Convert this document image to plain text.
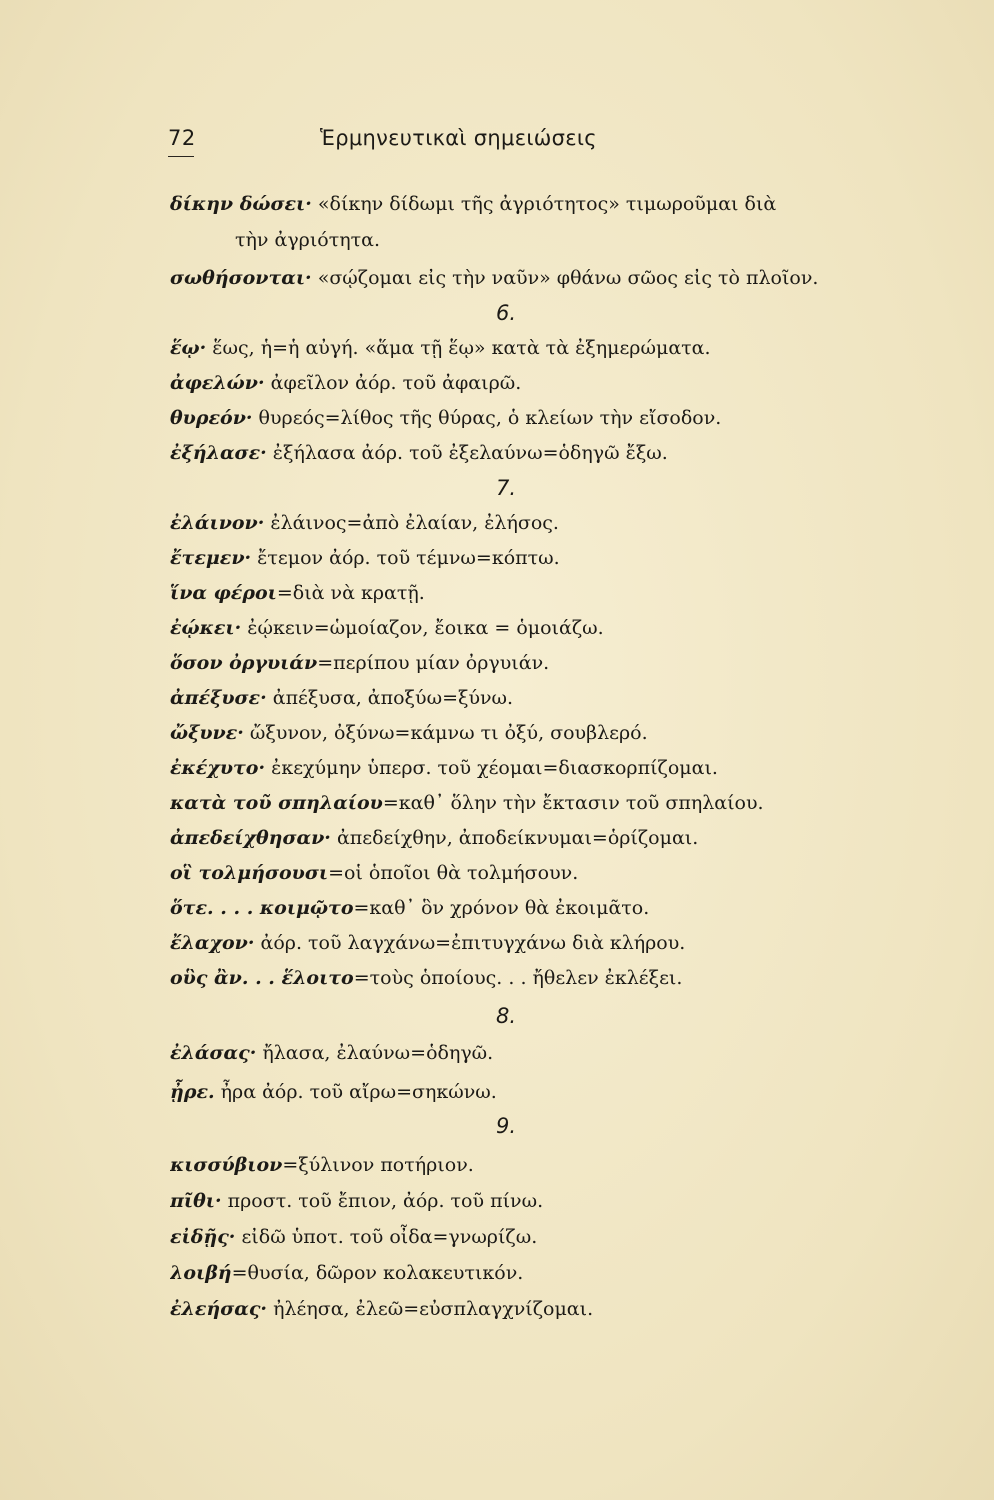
72	Ἑρμηνευτικαὶ σημειώσεις
δίκην δώσει· «δίκην δίδωμι τῆς ἀγριότητος» τιμωροῦμαι διὰ
τὴν ἀγριότητα.
σωθήσονται· «σῴζομαι εἰς τὴν ναῦν» φθάνω σῶος εἰς τὸ πλοῖον.
6.
ἕῳ· ἕως, ἡ=ἡ αὐγή. «ἅμα τῇ ἕῳ» κατὰ τὰ ἐξημερώματα.
ἀφελών· ἀφεῖλον ἀόρ. τοῦ ἀφαιρῶ.
θυρεόν· θυρεός=λίθος τῆς θύρας, ὁ κλείων τὴν εἴσοδον.
ἐξήλασε· ἐξήλασα ἀόρ. τοῦ ἐξελαύνω=ὁδηγῶ ἔξω.
7.
ἐλάινον· ἐλάινος=ἀπὸ ἐλαίαν, ἐλήσος.
ἔτεμεν· ἔτεμον ἀόρ. τοῦ τέμνω=κόπτω.
ἵνα φέροι=διὰ νὰ κρατῇ.
ἐῴκει· ἐῴκειν=ὡμοίαζον, ἔοικα = ὁμοιάζω.
ὅσον ὀργυιάν=περίπου μίαν ὀργυιάν.
ἀπέξυσε· ἀπέξυσα, ἀποξύω=ξύνω.
ὤξυνε· ὤξυνον, ὀξύνω=κάμνω τι ὀξύ, σουβλερό.
ἐκέχυτο· ἐκεχύμην ὑπερσ. τοῦ χέομαι=διασκορπίζομαι.
κατὰ τοῦ σπηλαίου=καθ᾽ ὅλην τὴν ἔκτασιν τοῦ σπηλαίου.
ἀπεδείχθησαν· ἀπεδείχθην, ἀποδείκνυμαι=ὁρίζομαι.
οἳ τολμήσουσι=οἱ ὁποῖοι θὰ τολμήσουν.
ὅτε. . . . κοιμῷτο=καθ᾽ ὃν χρόνον θὰ ἐκοιμᾶτο.
ἔλαχον· ἀόρ. τοῦ λαγχάνω=ἐπιτυγχάνω διὰ κλήρου.
οὓς ἂν. . . ἕλοιτο=τοὺς ὁποίους. . . ἤθελεν ἐκλέξει.
8.
ἐλάσας· ἤλασα, ἐλαύνω=ὁδηγῶ.
ᾖρε. ἦρα ἀόρ. τοῦ αἴρω=σηκώνω.
9.
κισσύβιον=ξύλινον ποτήριον.
πῖθι· προστ. τοῦ ἔπιον, ἀόρ. τοῦ πίνω.
εἰδῇς· εἰδῶ ὑποτ. τοῦ οἶδα=γνωρίζω.
λοιβή=θυσία, δῶρον κολακευτικόν.
ἐλεήσας· ἠλέησα, ἐλεῶ=εὐσπλαγχνίζομαι.
